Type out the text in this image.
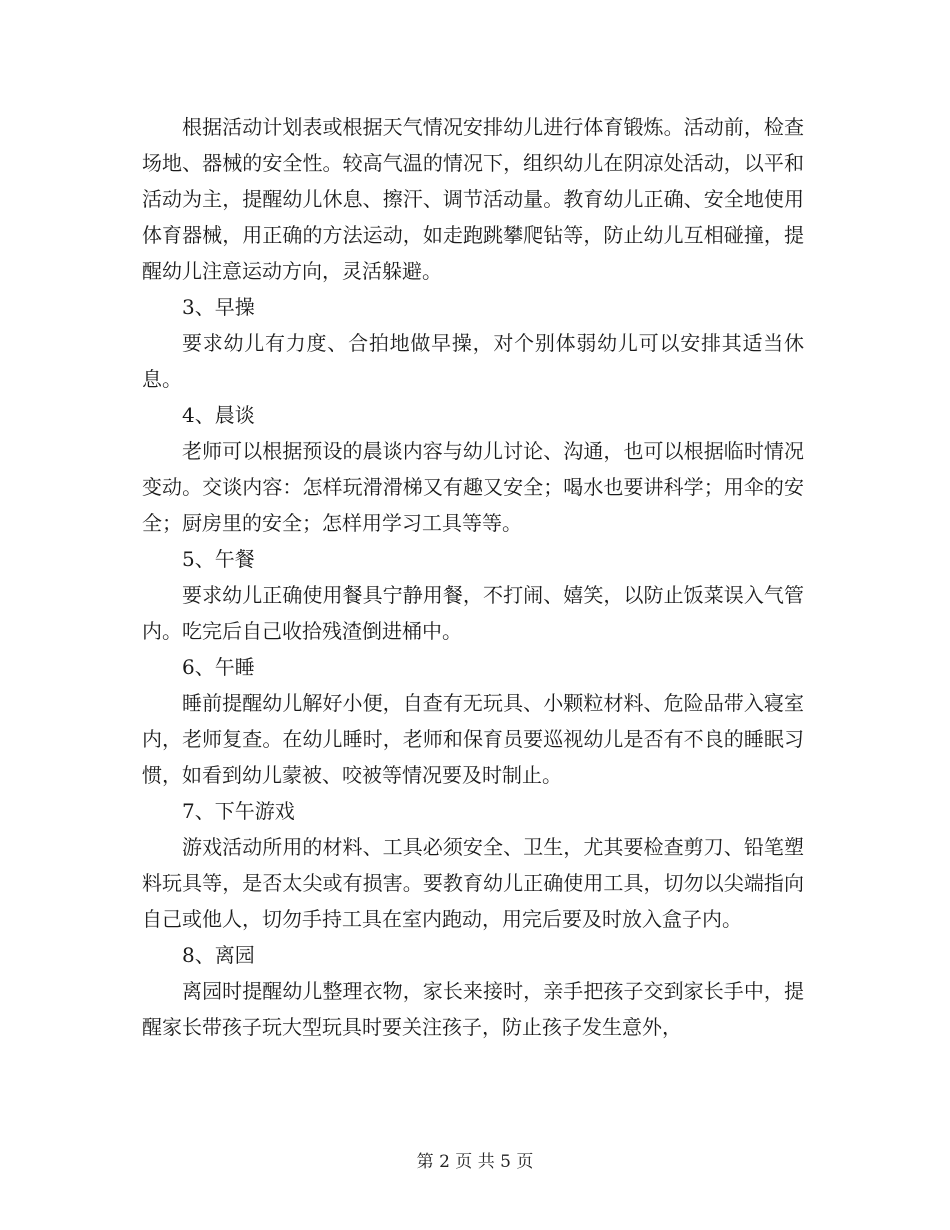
根据活动计划表或根据天气情况安排幼儿进行体育锻炼。活动前，检查场地、器械的安全性。较高气温的情况下，组织幼儿在阴凉处活动，以平和活动为主，提醒幼儿休息、擦汗、调节活动量。教育幼儿正确、安全地使用体育器械，用正确的方法运动，如走跑跳攀爬钻等，防止幼儿互相碰撞，提醒幼儿注意运动方向，灵活躲避。

3、早操

要求幼儿有力度、合拍地做早操，对个别体弱幼儿可以安排其适当休息。

4、晨谈

老师可以根据预设的晨谈内容与幼儿讨论、沟通，也可以根据临时情况变动。交谈内容：怎样玩滑滑梯又有趣又安全；喝水也要讲科学；用伞的安全；厨房里的安全；怎样用学习工具等等。

5、午餐

要求幼儿正确使用餐具宁静用餐，不打闹、嬉笑，以防止饭菜误入气管内。吃完后自己收拾残渣倒进桶中。

6、午睡

睡前提醒幼儿解好小便，自查有无玩具、小颗粒材料、危险品带入寝室内，老师复查。在幼儿睡时，老师和保育员要巡视幼儿是否有不良的睡眠习惯，如看到幼儿蒙被、咬被等情况要及时制止。

7、下午游戏

游戏活动所用的材料、工具必须安全、卫生，尤其要检查剪刀、铅笔塑料玩具等，是否太尖或有损害。要教育幼儿正确使用工具，切勿以尖端指向自己或他人，切勿手持工具在室内跑动，用完后要及时放入盒子内。

8、离园

离园时提醒幼儿整理衣物，家长来接时，亲手把孩子交到家长手中，提醒家长带孩子玩大型玩具时要关注孩子，防止孩子发生意外，

第 2 页 共 5 页
